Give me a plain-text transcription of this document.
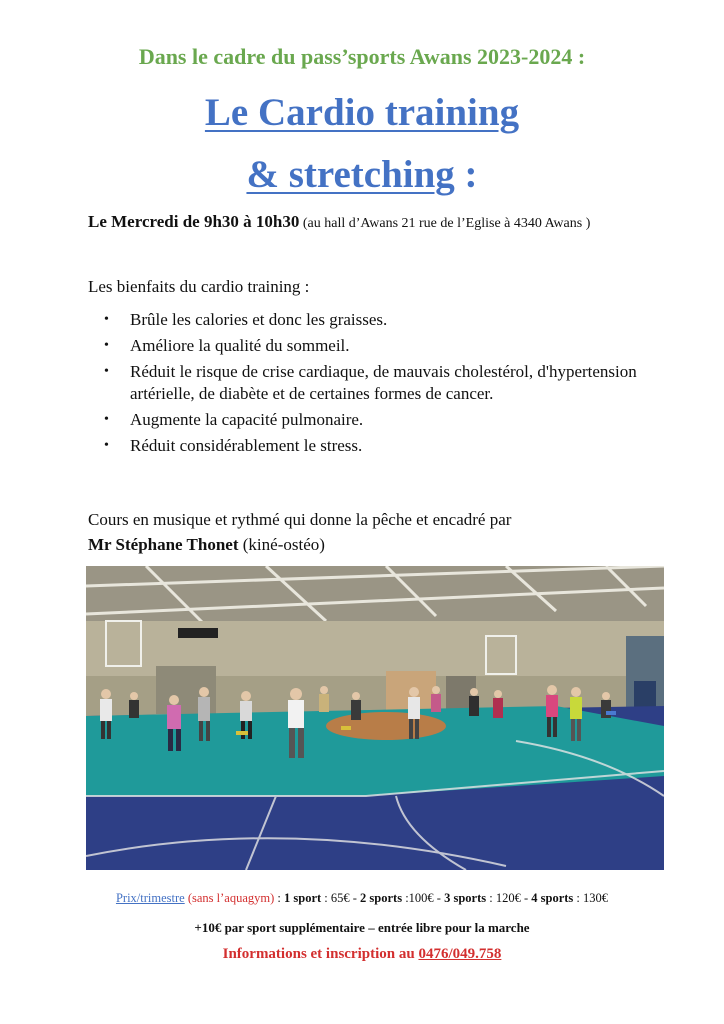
Dans le cadre du pass’sports Awans 2023-2024 :
Le Cardio training
& stretching :
Le Mercredi de 9h30 à 10h30 (au hall d’Awans 21 rue de l’Eglise à 4340 Awans )
Les bienfaits du cardio training :
• Brûle les calories et donc les graisses.
• Améliore la qualité du sommeil.
• Réduit le risque de crise cardiaque, de mauvais cholestérol, d'hypertension artérielle, de diabète et de certaines formes de cancer.
• Augmente la capacité pulmonaire.
• Réduit considérablement le stress.
Cours en musique et rythmé qui donne la pêche et encadré par
Mr Stéphane Thonet (kiné-ostéo)
Prix/trimestre (sans l’aquagym) : 1 sport : 65€ - 2 sports :100€ - 3 sports : 120€ - 4 sports : 130€
+10€ par sport supplémentaire – entrée libre pour la marche
Informations et inscription au 0476/049.758
